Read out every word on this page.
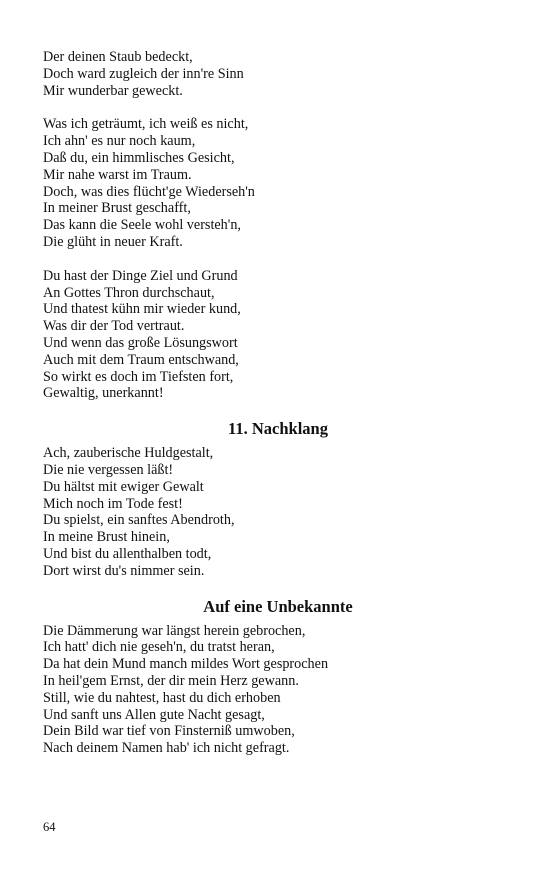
Der deinen Staub bedeckt,
Doch ward zugleich der inn're Sinn
Mir wunderbar geweckt.
Was ich geträumt, ich weiß es nicht,
Ich ahn' es nur noch kaum,
Daß du, ein himmlisches Gesicht,
Mir nahe warst im Traum.
Doch, was dies flücht'ge Wiederseh'n
In meiner Brust geschafft,
Das kann die Seele wohl versteh'n,
Die glüht in neuer Kraft.
Du hast der Dinge Ziel und Grund
An Gottes Thron durchschaut,
Und thatest kühn mir wieder kund,
Was dir der Tod vertraut.
Und wenn das große Lösungswort
Auch mit dem Traum entschwand,
So wirkt es doch im Tiefsten fort,
Gewaltig, unerkannt!
11. Nachklang
Ach, zauberische Huldgestalt,
Die nie vergessen läßt!
Du hältst mit ewiger Gewalt
Mich noch im Tode fest!
Du spielst, ein sanftes Abendroth,
In meine Brust hinein,
Und bist du allenthalben todt,
Dort wirst du's nimmer sein.
Auf eine Unbekannte
Die Dämmerung war längst herein gebrochen,
Ich hatt' dich nie geseh'n, du tratst heran,
Da hat dein Mund manch mildes Wort gesprochen
In heil'gem Ernst, der dir mein Herz gewann.
Still, wie du nahtest, hast du dich erhoben
Und sanft uns Allen gute Nacht gesagt,
Dein Bild war tief von Finsterniß umwoben,
Nach deinem Namen hab' ich nicht gefragt.
64
